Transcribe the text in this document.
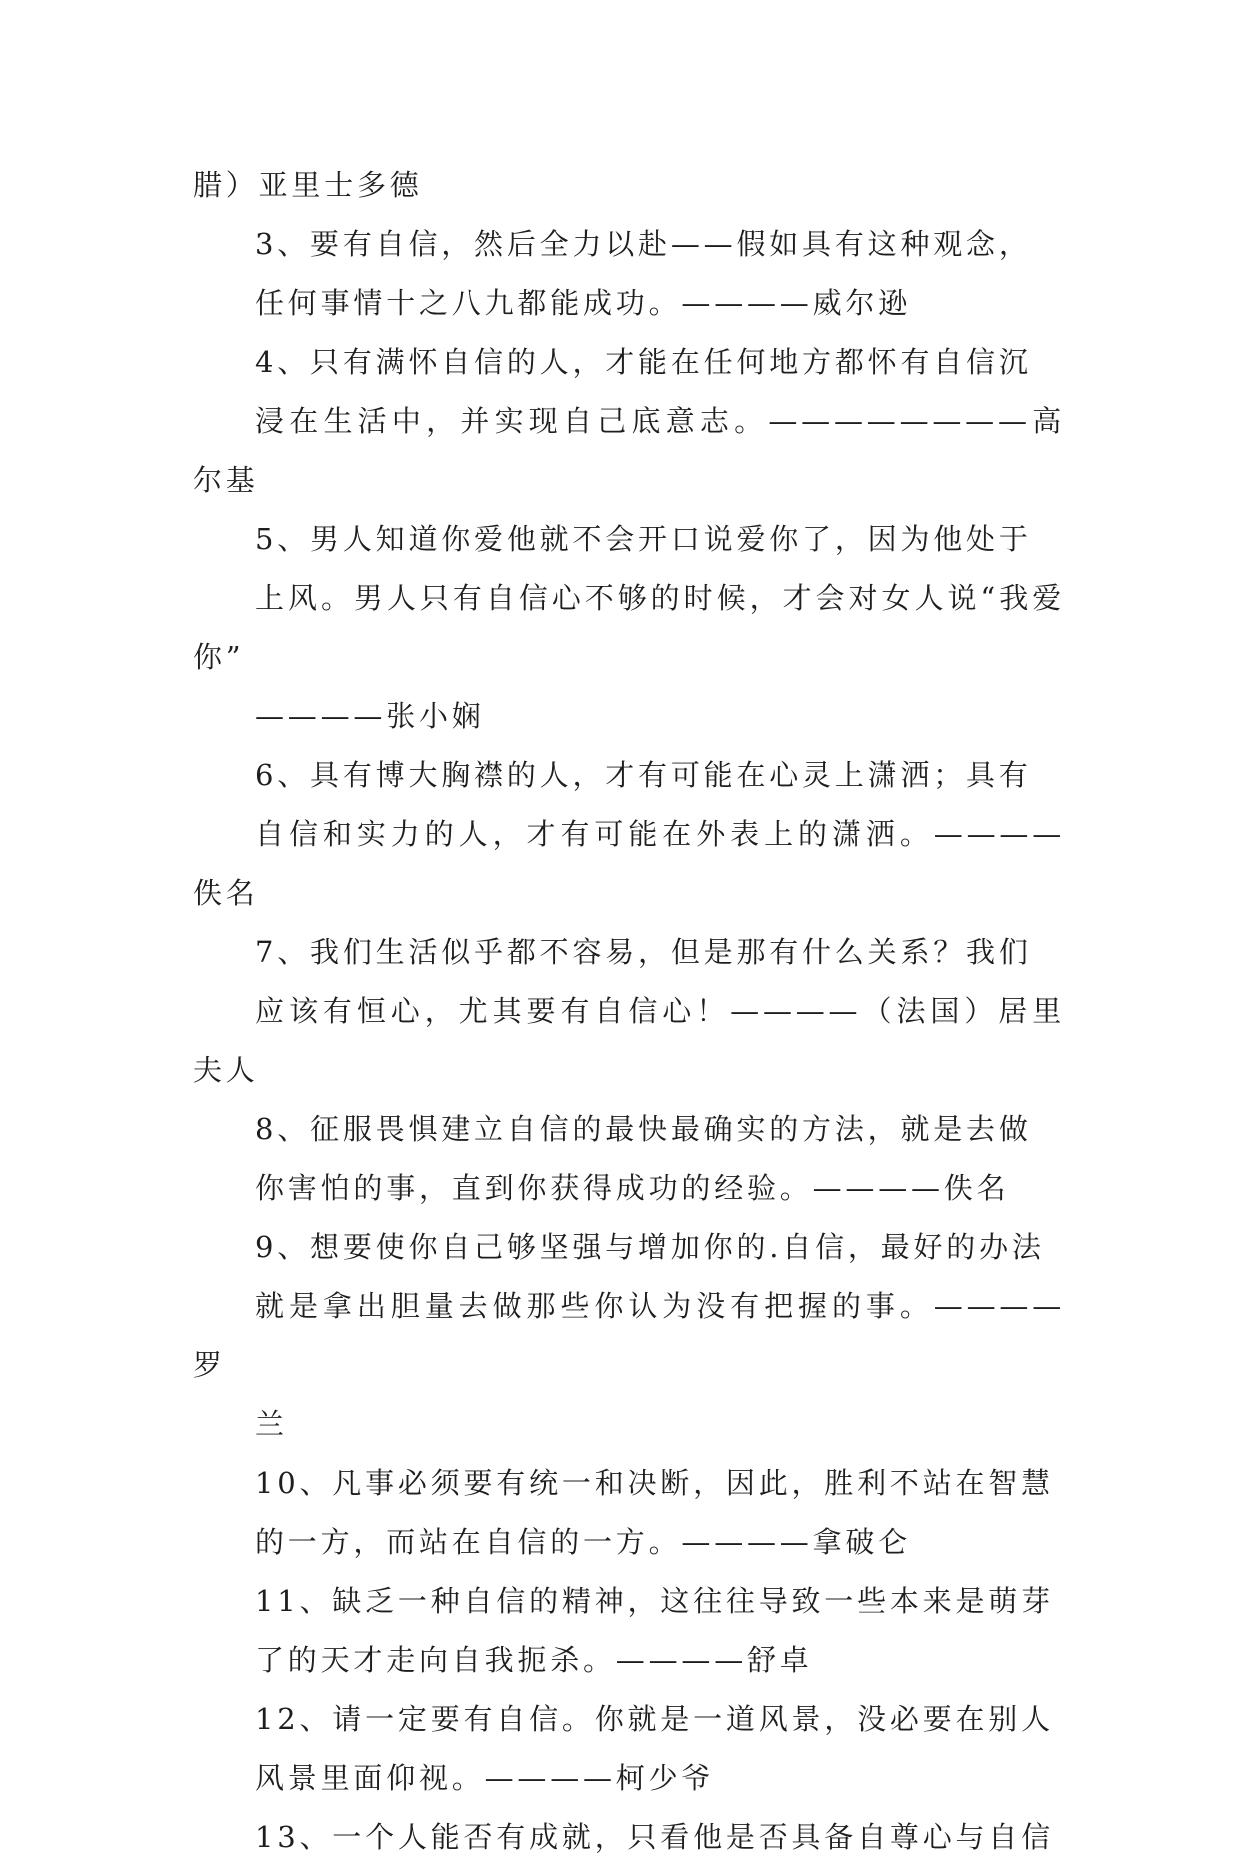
腊）亚里士多德

3、要有自信，然后全力以赴——假如具有这种观念，
任何事情十之八九都能成功。————威尔逊

4、只有满怀自信的人，才能在任何地方都怀有自信沉
浸在生活中，并实现自己底意志。————————高尔基

5、男人知道你爱他就不会开口说爱你了，因为他处于
上风。男人只有自信心不够的时候，才会对女人说“我爱你”
————张小娴

6、具有博大胸襟的人，才有可能在心灵上潇洒；具有
自信和实力的人，才有可能在外表上的潇洒。————佚名

7、我们生活似乎都不容易，但是那有什么关系？我们
应该有恒心，尤其要有自信心！————（法国）居里夫人

8、征服畏惧建立自信的最快最确实的方法，就是去做
你害怕的事，直到你获得成功的经验。————佚名

9、想要使你自己够坚强与增加你的.自信，最好的办法
就是拿出胆量去做那些你认为没有把握的事。————罗
兰

10、凡事必须要有统一和决断，因此，胜利不站在智慧
的一方，而站在自信的一方。————拿破仑

11、缺乏一种自信的精神，这往往导致一些本来是萌芽
了的天才走向自我扼杀。————舒卓

12、请一定要有自信。你就是一道风景，没必要在别人
风景里面仰视。————柯少爷

13、一个人能否有成就，只看他是否具备自尊心与自信
